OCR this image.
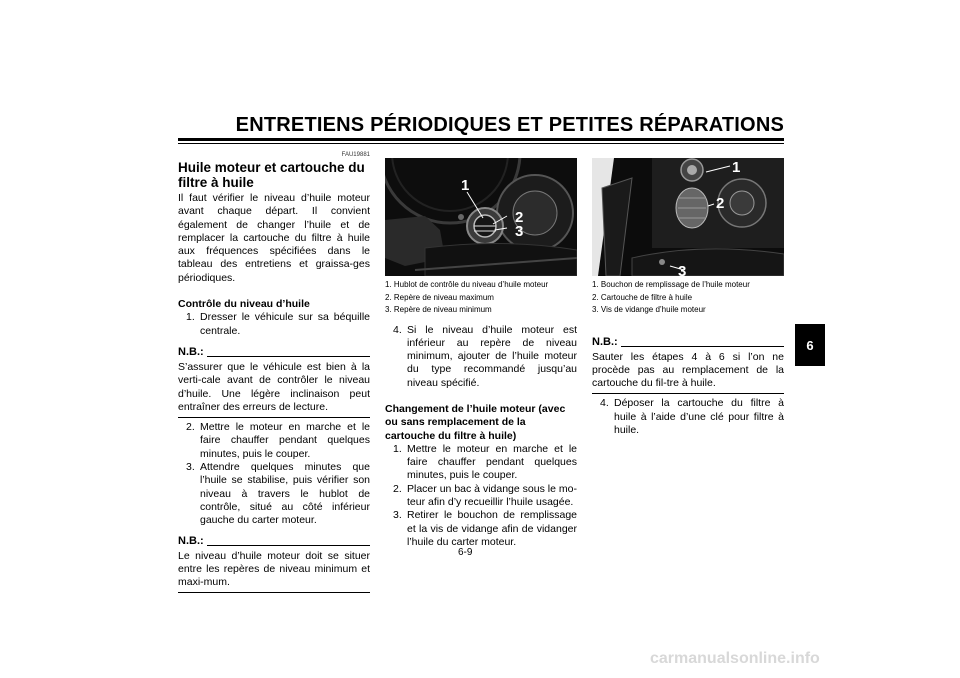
ENTRETIENS PÉRIODIQUES ET PETITES RÉPARATIONS
FAU19881
Huile moteur et cartouche du filtre à huile
Il faut vérifier le niveau d’huile moteur avant chaque départ. Il convient également de changer l’huile et de remplacer la cartouche du filtre à huile aux fréquences spécifiées dans le tableau des entretiens et graissa-ges périodiques.
Contrôle du niveau d’huile
1. Dresser le véhicule sur sa béquille centrale.
N.B.:
S’assurer que le véhicule est bien à la verti-cale avant de contrôler le niveau d’huile. Une légère inclinaison peut entraîner des erreurs de lecture.
2. Mettre le moteur en marche et le faire chauffer pendant quelques minutes, puis le couper.
3. Attendre quelques minutes que l’huile se stabilise, puis vérifier son niveau à travers le hublot de contrôle, situé au côté inférieur gauche du carter moteur.
N.B.:
Le niveau d’huile moteur doit se situer entre les repères de niveau minimum et maxi-mum.
1
2
3
1. Hublot de contrôle du niveau d’huile moteur
2. Repère de niveau maximum
3. Repère de niveau minimum
4. Si le niveau d’huile moteur est inférieur au repère de niveau minimum, ajouter de l’huile moteur du type recommandé jusqu’au niveau spécifié.
Changement de l’huile moteur (avec ou sans remplacement de la cartouche du filtre à huile)
1. Mettre le moteur en marche et le faire chauffer pendant quelques minutes, puis le couper.
2. Placer un bac à vidange sous le mo-teur afin d’y recueillir l’huile usagée.
3. Retirer le bouchon de remplissage et la vis de vidange afin de vidanger l’huile du carter moteur.
1
2
3
1. Bouchon de remplissage de l’huile moteur
2. Cartouche de filtre à huile
3. Vis de vidange d’huile moteur
N.B.:
Sauter les étapes 4 à 6 si l’on ne procède pas au remplacement de la cartouche du fil-tre à huile.
4. Déposer la cartouche du filtre à huile à l’aide d’une clé pour filtre à huile.
6
6-9
carmanualsonline.info
